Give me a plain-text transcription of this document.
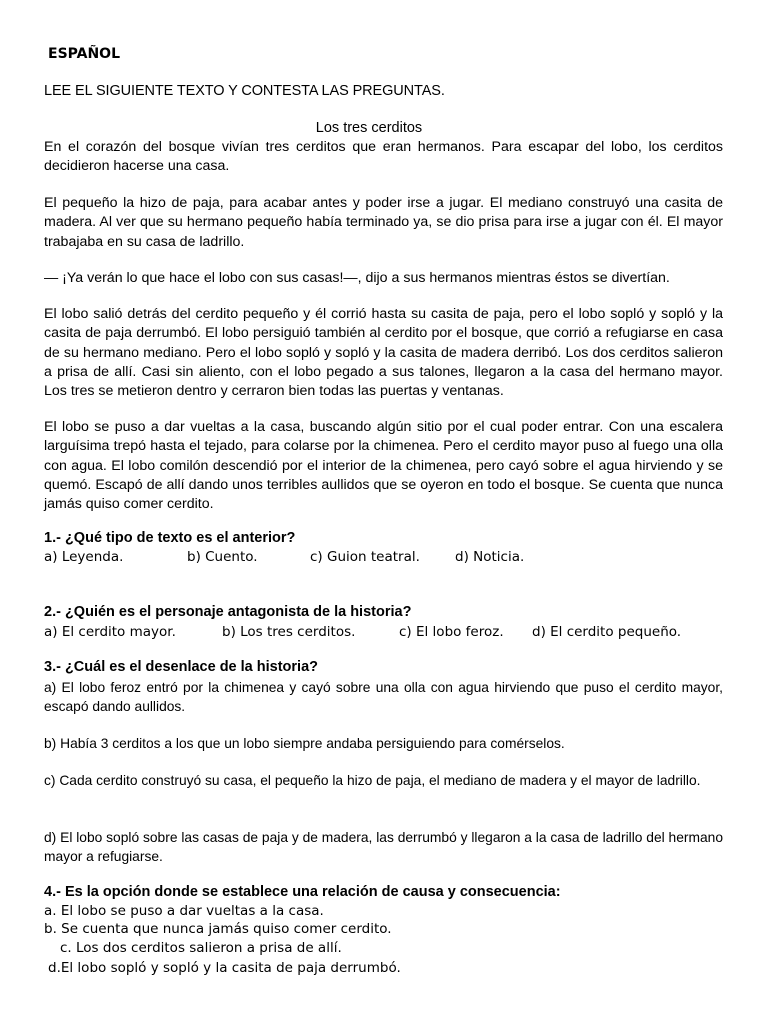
ESPAÑOL
LEE EL SIGUIENTE TEXTO Y CONTESTA LAS PREGUNTAS.
Los tres cerditos

En el corazón del bosque vivían tres cerditos que eran hermanos. Para escapar del lobo, los cerditos decidieron hacerse una casa.

El pequeño la hizo de paja, para acabar antes y poder irse a jugar. El mediano construyó una casita de madera. Al ver que su hermano pequeño había terminado ya, se dio prisa para irse a jugar con él. El mayor trabajaba en su casa de ladrillo.

— ¡Ya verán lo que hace el lobo con sus casas!—, dijo a sus hermanos mientras éstos se divertían.

El lobo salió detrás del cerdito pequeño y él corrió hasta su casita de paja, pero el lobo sopló y sopló y la casita de paja derrumbó. El lobo persiguió también al cerdito por el bosque, que corrió a refugiarse en casa de su hermano mediano. Pero el lobo sopló y sopló y la casita de madera derribó. Los dos cerditos salieron a prisa de allí. Casi sin aliento, con el lobo pegado a sus talones, llegaron a la casa del hermano mayor. Los tres se metieron dentro y cerraron bien todas las puertas y ventanas.

El lobo se puso a dar vueltas a la casa, buscando algún sitio por el cual poder entrar. Con una escalera larguísima trepó hasta el tejado, para colarse por la chimenea. Pero el cerdito mayor puso al fuego una olla con agua. El lobo comilón descendió por el interior de la chimenea, pero cayó sobre el agua hirviendo y se quemó. Escapó de allí dando unos terribles aullidos que se oyeron en todo el bosque. Se cuenta que nunca jamás quiso comer cerdito.

1.- ¿Qué tipo de texto es el anterior?
a) Leyenda.	b) Cuento.	c) Guion teatral.	d) Noticia.
2.- ¿Quién es el personaje antagonista de la historia?
a) El cerdito mayor.	b) Los tres cerditos.	c) El lobo feroz. d) El cerdito pequeño.
3.- ¿Cuál es el desenlace de la historia?

a) El lobo feroz entró por la chimenea y cayó sobre una olla con agua hirviendo que puso el cerdito mayor, escapó dando aullidos.

b) Había 3 cerditos a los que un lobo siempre andaba persiguiendo para comérselos.

c) Cada cerdito construyó su casa, el pequeño la hizo de paja, el mediano de madera y el mayor de ladrillo.

d) El lobo sopló sobre las casas de paja y de madera, las derrumbó y llegaron a la casa de ladrillo del hermano mayor a refugiarse.

4.- Es la opción donde se establece una relación de causa y consecuencia:
a. El lobo se puso a dar vueltas a la casa.
b. Se cuenta que nunca jamás quiso comer cerdito.
c. Los dos cerditos salieron a prisa de allí.
d.El lobo sopló y sopló y la casita de paja derrumbó.
